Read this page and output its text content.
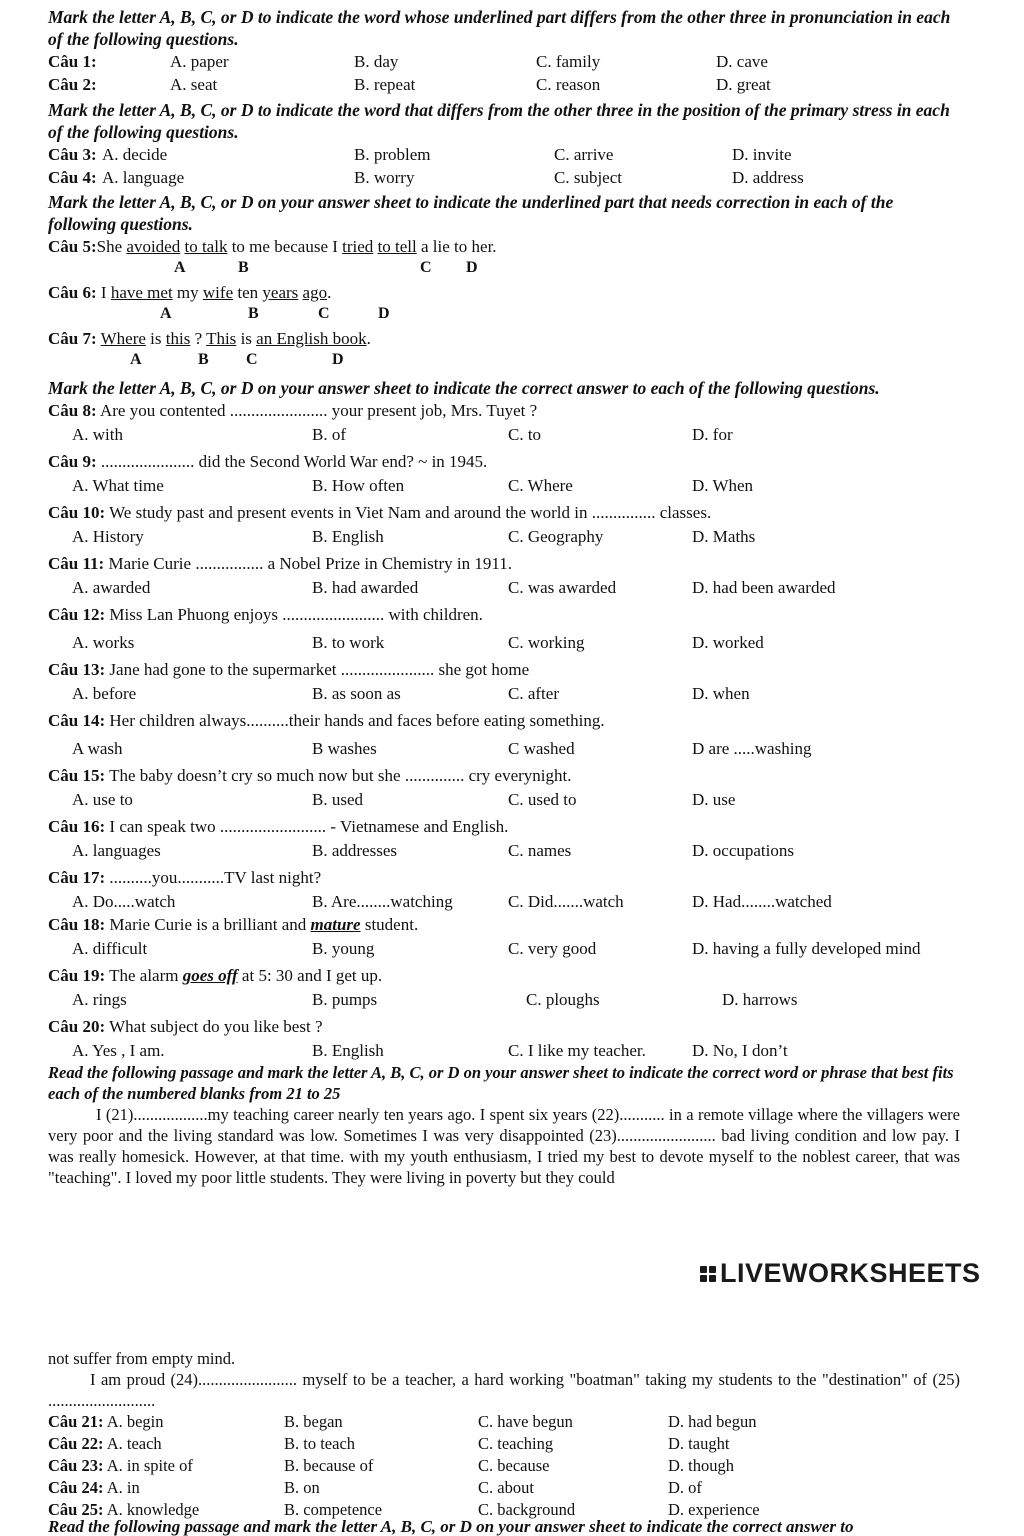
Mark the letter A, B, C, or D to indicate the word whose underlined part differs from the other three in pronunciation in each of the following questions.

Câu 1:	A. paper	B. day	C. family	D. cave
Câu 2:	A. seat	B. repeat	C. reason	D. great

Mark the letter A, B, C, or D to indicate the word that differs from the other three in the position of the primary stress in each of the following questions.

Câu 3: A. decide	B. problem	C. arrive	D. invite
Câu 4: A. language	B. worry	C. subject	D. address

Mark the letter A, B, C, or D on your answer sheet to indicate the underlined part that needs correction in each of the following questions.

Câu 5:She avoided to talk to me because I tried to tell a lie to her.
A	B	C D
Câu 6: I have met my wife ten years ago.
A	B	C	D
Câu 7: Where is this ? This is an English book.
A	B C	D

Mark the letter A, B, C, or D on your answer sheet to indicate the correct answer to each of the following questions.

Câu 8: Are you contented ....................... your present job, Mrs. Tuyet ?
A. with	B. of	C. to	D. for
Câu 9: ...................... did the Second World War end? ~ in 1945.
A. What time	B. How often	C. Where	D. When
Câu 10: We study past and present events in Viet Nam and around the world in ............... classes.
A. History	B. English	C. Geography	D. Maths
Câu 11: Marie Curie ................ a Nobel Prize in Chemistry in 1911.
A. awarded	B. had awarded	C. was awarded	D. had been awarded
Câu 12: Miss Lan Phuong enjoys ........................ with children.
A. works	B. to work	C. working	D. worked
Câu 13: Jane had gone to the supermarket ...................... she got home
A. before	B. as soon as	C. after	D. when
Câu 14: Her children always..........their hands and faces before eating something.
A wash	B washes	C washed	D are .....washing
Câu 15: The baby doesn’t cry so much now but she .............. cry everynight.
A. use to	B. used	C. used to	D. use
Câu 16: I can speak two ......................... - Vietnamese and English.
A. languages	B. addresses	C. names	D. occupations
Câu 17: ..........you...........TV last night?
A. Do.....watch	B. Are........watching	C. Did.......watch	D. Had........watched
Câu 18: Marie Curie is a brilliant and mature student.
A. difficult	B. young	C. very good	D. having a fully developed mind
Câu 19: The alarm goes off at 5: 30 and I get up.
A. rings	B. pumps	C. ploughs	D. harrows
Câu 20: What subject do you like best ?
A. Yes , I am.	B. English	C. I like my teacher.	D. No, I don’t

Read the following passage and mark the letter A, B, C, or D on your answer sheet to indicate the correct word or phrase that best fits each of the numbered blanks from 21 to 25

I (21)..................my teaching career nearly ten years ago. I spent six years (22)........... in a remote village where the villagers were very poor and the living standard was low. Sometimes I was very disappointed (23)........................ bad living condition and low pay. I was really homesick. However, at that time. with my youth enthusiasm, I tried my best to devote myself to the noblest career, that was "teaching". I loved my poor little students. They were living in poverty but they could

LIVEWORKSHEETS

not suffer from empty mind.

I am proud (24)........................ myself to be a teacher, a hard working "boatman" taking my students to the "destination" of (25) ..........................

Câu 21: A. begin	B. began	C. have begun	D. had begun
Câu 22: A. teach	B. to teach	C. teaching	D. taught
Câu 23: A. in spite of	B. because of	C. because	D. though
Câu 24: A. in	B. on	C. about	D. of
Câu 25: A. knowledge	B. competence	C. background	D. experience
Read the following passage and mark the letter A, B, C, or D on your answer sheet to indicate the correct answer to
